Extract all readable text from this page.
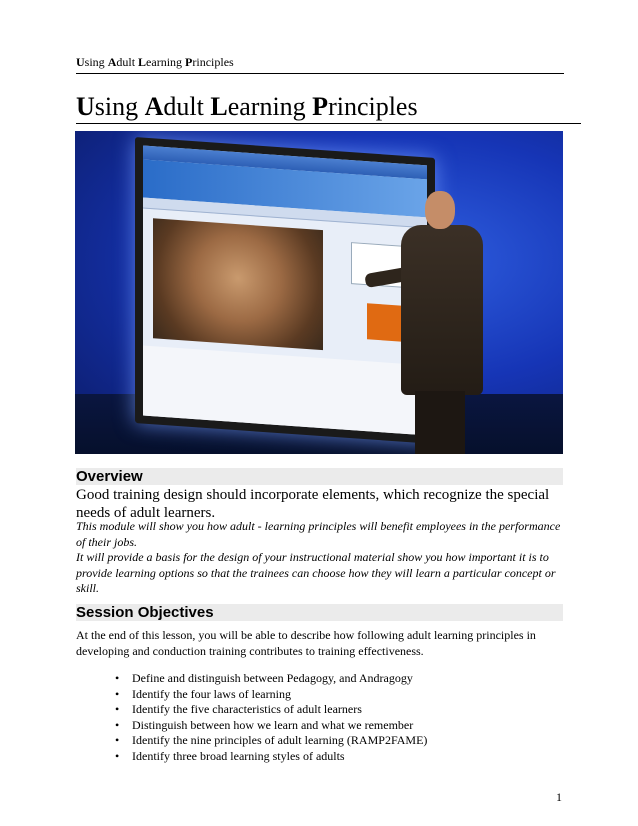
Using Adult Learning Principles
Using Adult Learning Principles
Overview
Good training design should incorporate elements, which recognize the special needs of adult learners.
This module will show you how adult - learning principles will benefit employees in the performance of their jobs.
It will provide a basis for the design of your instructional material show you how important it is to provide learning options so that the trainees can choose how they will learn a particular concept or skill.
Session Objectives
At the end of this lesson, you will be able to describe how following adult learning principles in developing and conduction training contributes to training effectiveness.
• Define and distinguish between Pedagogy, and Andragogy
• Identify the four laws of learning
• Identify the five characteristics of adult learners
• Distinguish between how we learn and what we remember
• Identify the nine principles of adult learning (RAMP2FAME)
• Identify three broad learning styles of adults
1
